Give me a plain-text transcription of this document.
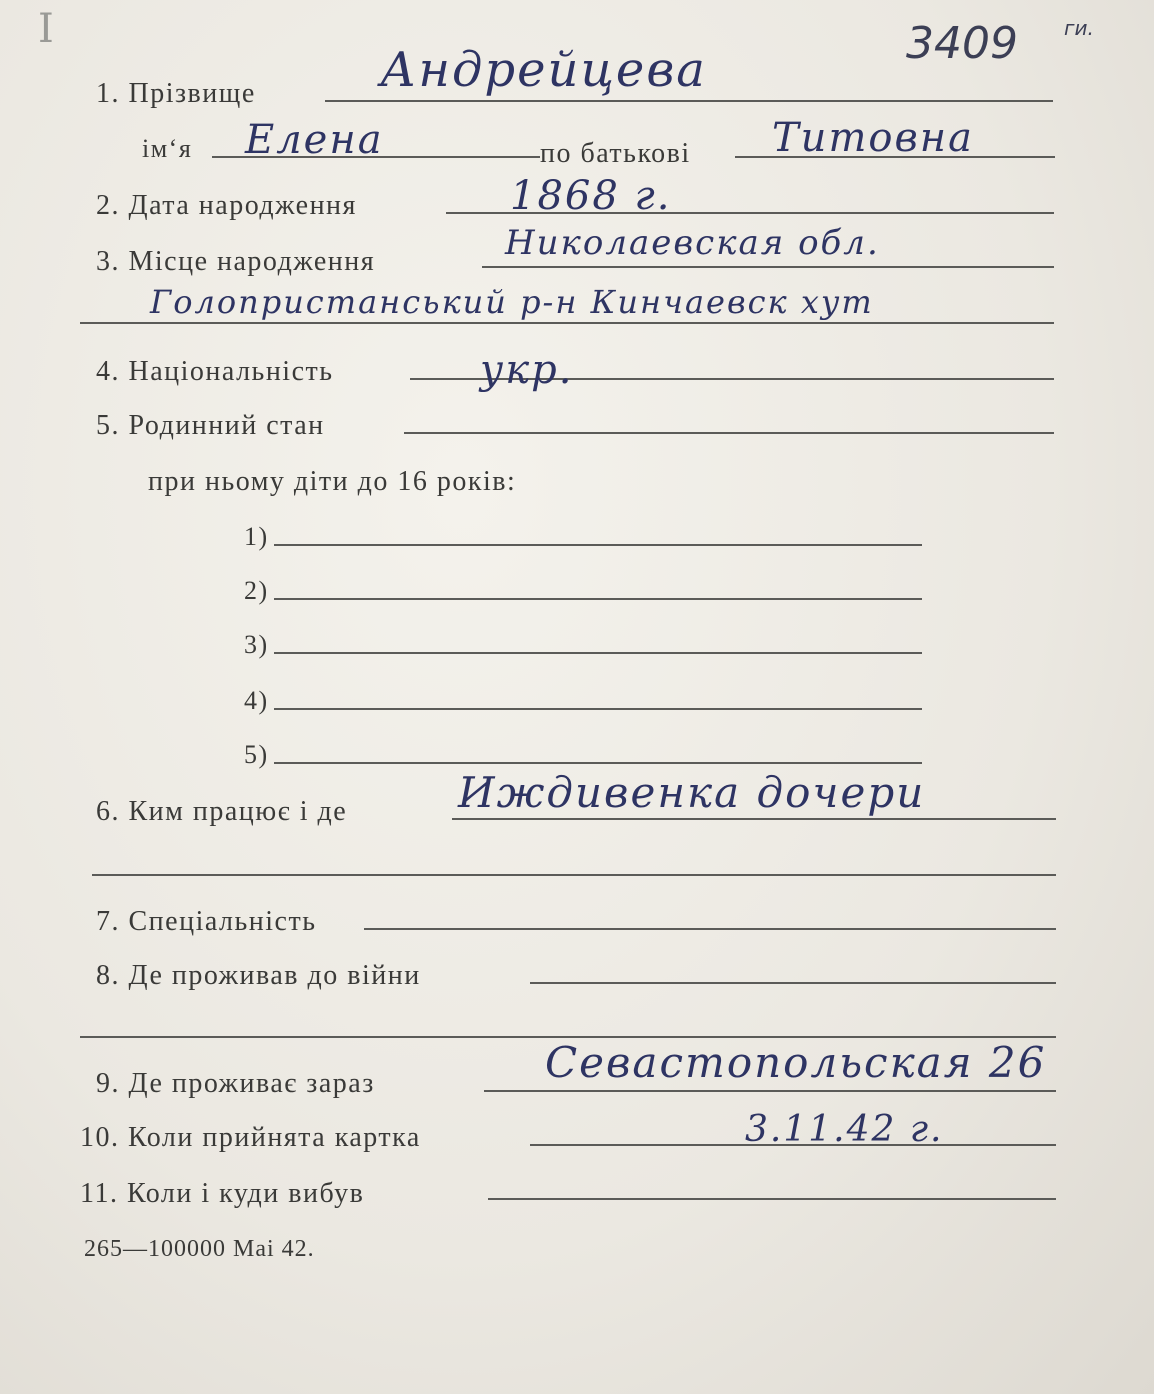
I	3409 ги.
1. Прізвище	Андрейцева
ім‘я Елена	по батькові Титовна
2. Дата народження	1868 г.
3. Місце народження	Николаевская обл.
Голопристанський р-н Кинчаевск хут
4. Національність	укр.
5. Родинний стан
при ньому діти до 16 років:
1)
2)
3)
4)
5)
6. Ким працює і де	Иждивенка дочери
7. Спеціальність
8. Де проживав до війни
9. Де проживає зараз	Севастопольская 26
10. Коли прийнята картка	3.11.42 г.
11. Коли і куди вибув
265—100000 Mai 42.
